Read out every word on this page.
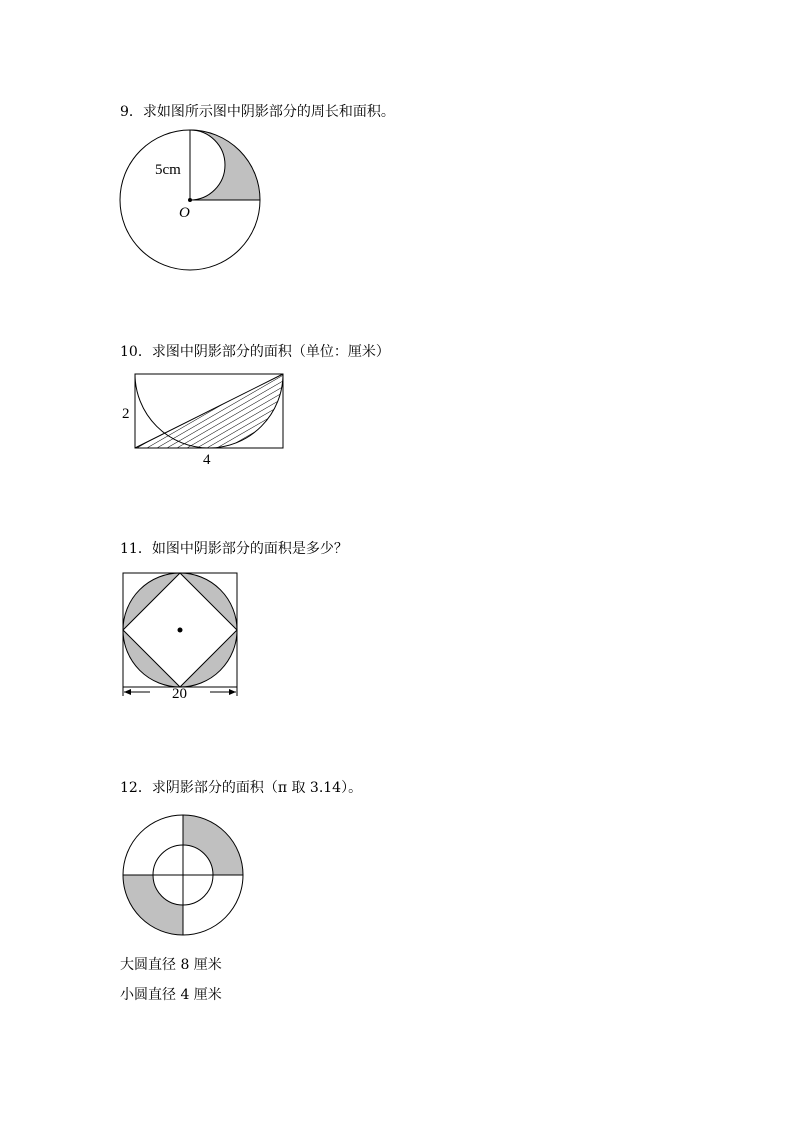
9．求如图所示图中阴影部分的周长和面积。
5cm
O
10．求图中阴影部分的面积（单位：厘米）
2
4
11．如图中阴影部分的面积是多少？
20
12．求阴影部分的面积（π 取 3.14）。
大圆直径 8 厘米
小圆直径 4 厘米
